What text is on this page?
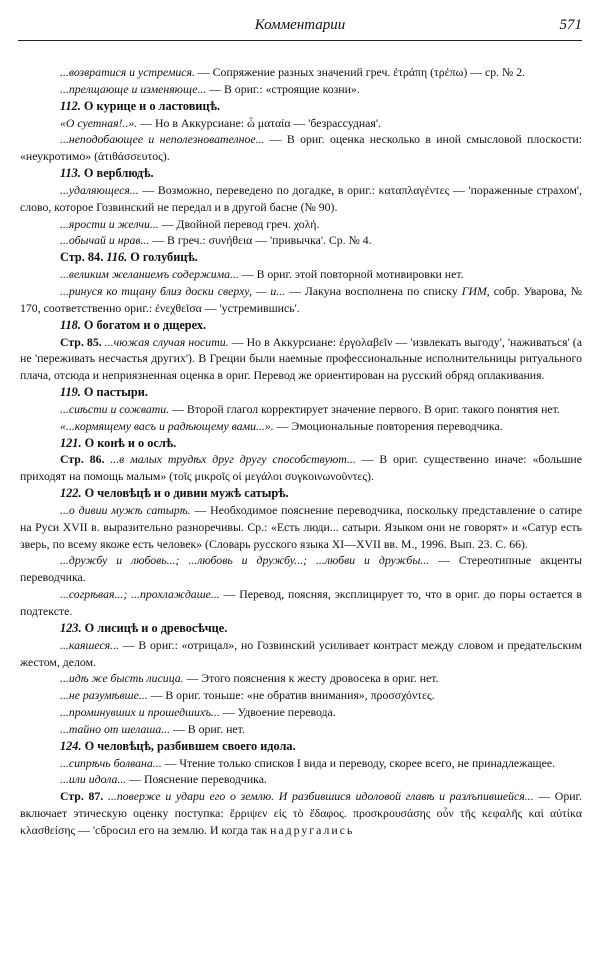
Комментарии	571

...возвратися и устремися. — Сопряжение разных значений греч. ἐτράπη (τρέπω) — ср. № 2.

...прелщающе и изменяюще... — В ориг.: «строящие козни».

112. О курице и о ластовицѣ.

«О суетная!..». — Но в Аккурсиане: ὦ ματαία — 'безрассудная'.

...неподобающее и неполезнователное... — В ориг. оценка несколько в иной смысловой плоскости: «неукротимо» (ἀτιθάσσευτος).

113. О верблюдѣ.

...удаляющеся... — Возможно, переведено по догадке, в ориг.: καταπλαγέντες — 'пораженные страхом', слово, которое Гозвинский не передал и в другой басне (№ 90).

...ярости и желчи... — Двойной перевод греч. χολή.

...обычай и нрав... — В греч.: συνήθεια — 'привычка'. Ср. № 4.

Стр. 84. 116. О голубицѣ.

...великим желаниемъ содержима... — В ориг. этой повторной мотивировки нет.

...ринуся ко тщану близ доски сверху, — и... — Лакуна восполнена по списку ГИМ, собр. Уварова, № 170, соответственно ориг.: ἐνεχθεῖσα — 'устремившись'.

118. О богатом и о дщерех.

Стр. 85. ...чюжая случая носити. — Но в Аккурсиане: ἐργολαβεῖν — 'извлекать выгоду', 'наживаться' (а не 'переживать несчастья других'). В Греции были наемные профессиональные исполнительницы ритуального плача, отсюда и неприязненная оценка в ориг. Перевод же ориентирован на русский обряд оплакивания.

119. О пастыри.

...сиѣсти и сожвати. — Второй глагол корректирует значение первого. В ориг. такого понятия нет.

«...кормящему васъ и радѣющему вами...». — Эмоциональные повторения переводчика.

121. О конѣ и о ослѣ.

Стр. 86. ...в малых трудѣх друг другу способствуют... — В ориг. существенно иначе: «большие приходят на помощь малым» (τοῖς μικροῖς οἱ μεγάλοι συγκοινωνοῦντες).

122. О человѣцѣ и о дивии мужѣ сатырѣ.

...о дивии мужѣ сатырѣ. — Необходимое пояснение переводчика, поскольку представление о сатире на Руси XVII в. выразительно разноречивы. Ср.: «Есть люди... сатыри. Языком они не говорят» и «Сатур есть зверь, по всему якоже есть человек» (Словарь русского языка XI—XVII вв. М., 1996. Вып. 23. С. 66).

...дружбу и любовь...; ...любовь и дружбу...; ...любви и дружбы... — Стереотипные акценты переводчика.

...согрѣвая...; ...прохлаждаше... — Перевод, поясняя, эксплицирует то, что в ориг. до поры остается в подтексте.

123. О лисицѣ и о древосѣчце.

...каяшеся... — В ориг.: «отрицал», но Гозвинский усиливает контраст между словом и предательским жестом, делом.

...идѣ же бысть лисица. — Этого пояснения к жесту дровосека в ориг. нет.

...не разумѣвше... — В ориг. тоньше: «не обратив внимания», προσσχόντες.

...проминувших и прошедшихъ... — Удвоение перевода.

...тайно от шелаша... — В ориг. нет.

124. О человѣцѣ, разбившем своего идола.

...сипрѣчь болвана... — Чтение только списков I вида и переводу, скорее всего, не принадлежащее.

...или идола... — Пояснение переводчика.

Стр. 87. ...поверже и удари его о землю. И разбившися идоловой главѣ и разлъпившейся... — Ориг. включает этическую оценку поступка: ἔρριψεν εἰς τὸ ἔδαφος. προσκρουσάσης οὖν τῆς κεφαλῆς καὶ αὐτίκα κλασθείσης — 'сбросил его на землю. И когда так надругались
